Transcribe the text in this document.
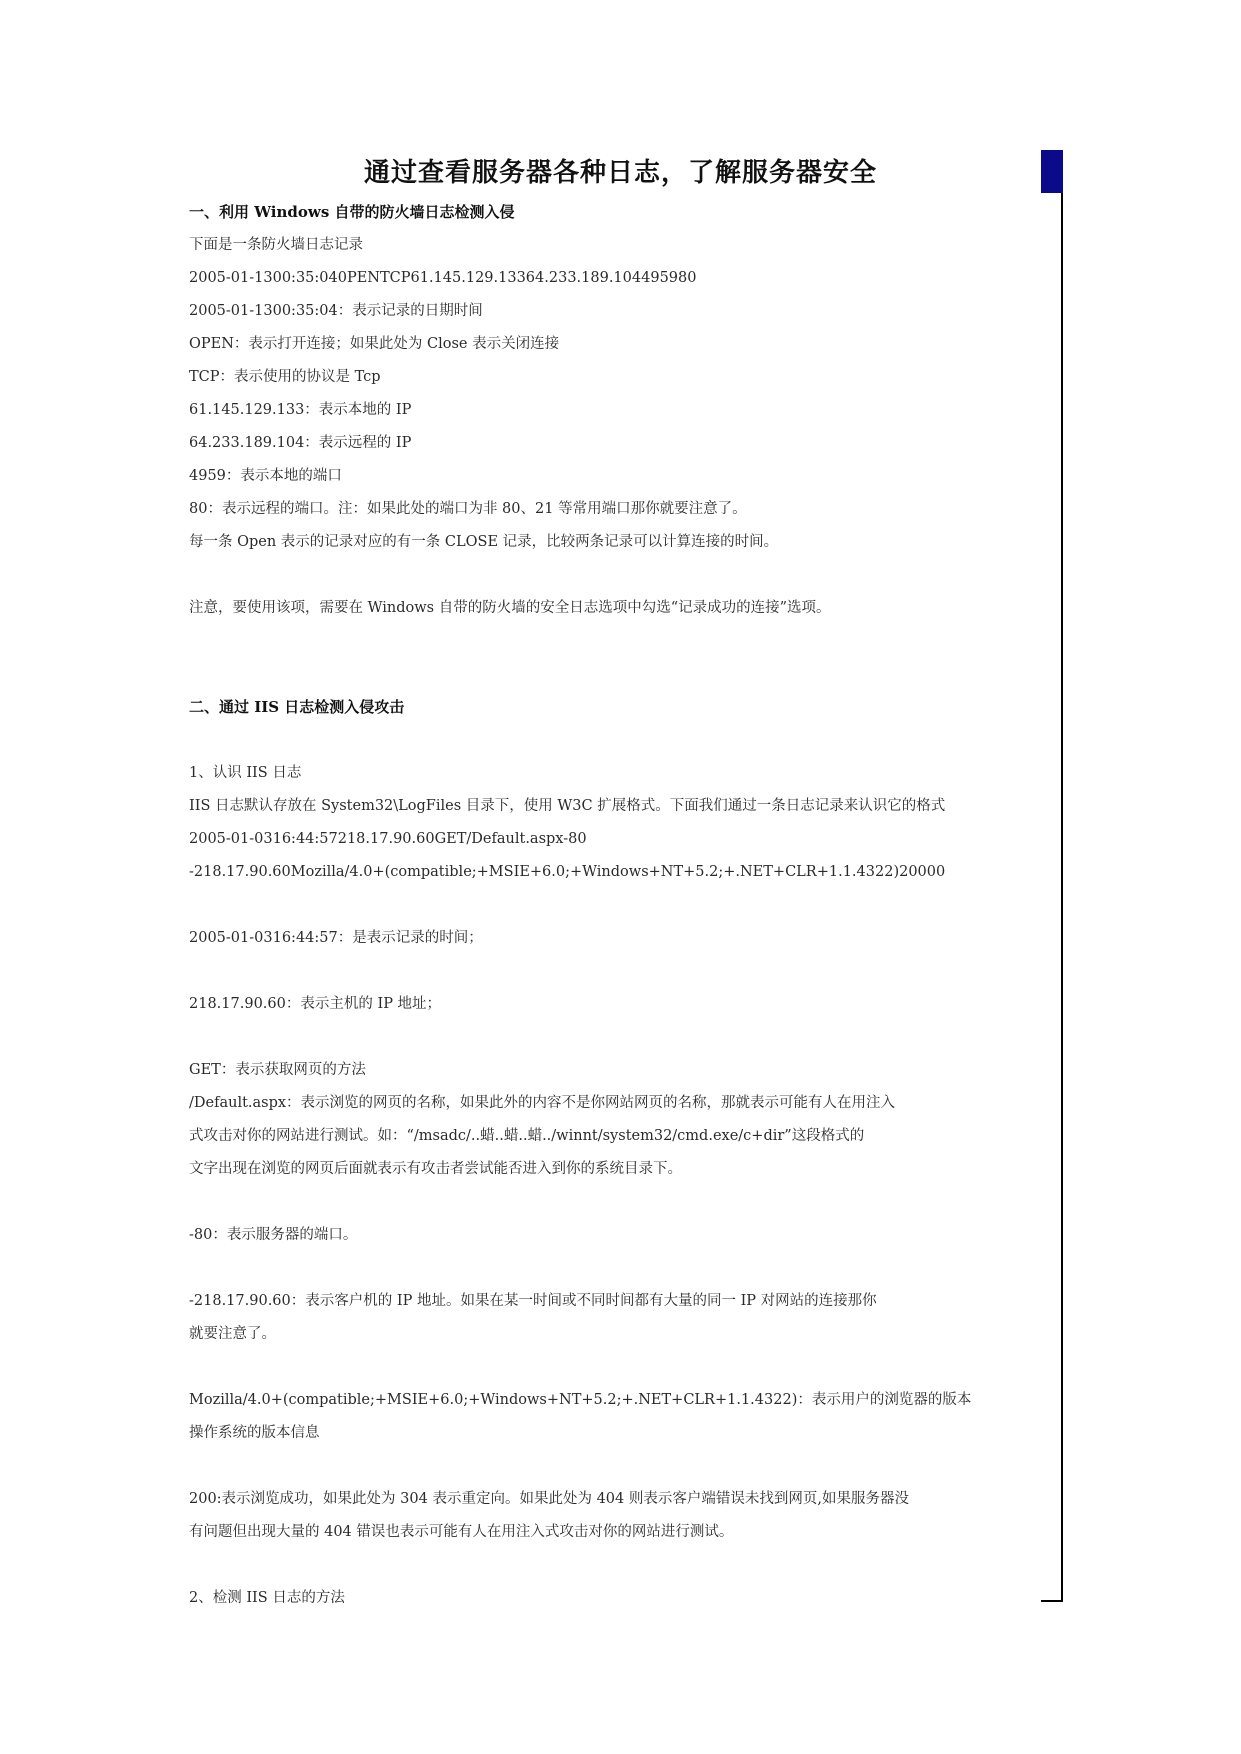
通过查看服务器各种日志，了解服务器安全
一、利用 Windows 自带的防火墙日志检测入侵
下面是一条防火墙日志记录
2005-01-1300:35:040PENTCP61.145.129.13364.233.189.104495980
2005-01-1300:35:04：表示记录的日期时间
OPEN：表示打开连接；如果此处为 Close 表示关闭连接
TCP：表示使用的协议是 Tcp
61.145.129.133：表示本地的 IP
64.233.189.104：表示远程的 IP
4959：表示本地的端口
80：表示远程的端口。注：如果此处的端口为非 80、21 等常用端口那你就要注意了。
每一条 Open 表示的记录对应的有一条 CLOSE 记录，比较两条记录可以计算连接的时间。
注意，要使用该项，需要在 Windows 自带的防火墙的安全日志选项中勾选“记录成功的连接”选项。
二、通过 IIS 日志检测入侵攻击
1、认识 IIS 日志
IIS 日志默认存放在 System32\LogFiles 目录下，使用 W3C 扩展格式。下面我们通过一条日志记录来认识它的格式
2005-01-0316:44:57218.17.90.60GET/Default.aspx-80
-218.17.90.60Mozilla/4.0+(compatible;+MSIE+6.0;+Windows+NT+5.2;+.NET+CLR+1.1.4322)20000
2005-01-0316:44:57：是表示记录的时间；
218.17.90.60：表示主机的 IP 地址；
GET：表示获取网页的方法
/Default.aspx：表示浏览的网页的名称，如果此外的内容不是你网站网页的名称，那就表示可能有人在用注入
式攻击对你的网站进行测试。如：“/msadc/..蜡..蜡..蜡../winnt/system32/cmd.exe/c+dir”这段格式的
文字出现在浏览的网页后面就表示有攻击者尝试能否进入到你的系统目录下。
-80：表示服务器的端口。
-218.17.90.60：表示客户机的 IP 地址。如果在某一时间或不同时间都有大量的同一 IP 对网站的连接那你
就要注意了。
Mozilla/4.0+(compatible;+MSIE+6.0;+Windows+NT+5.2;+.NET+CLR+1.1.4322)：表示用户的浏览器的版本
操作系统的版本信息
200:表示浏览成功，如果此处为 304 表示重定向。如果此处为 404 则表示客户端错误未找到网页,如果服务器没
有问题但出现大量的 404 错误也表示可能有人在用注入式攻击对你的网站进行测试。
2、检测 IIS 日志的方法
